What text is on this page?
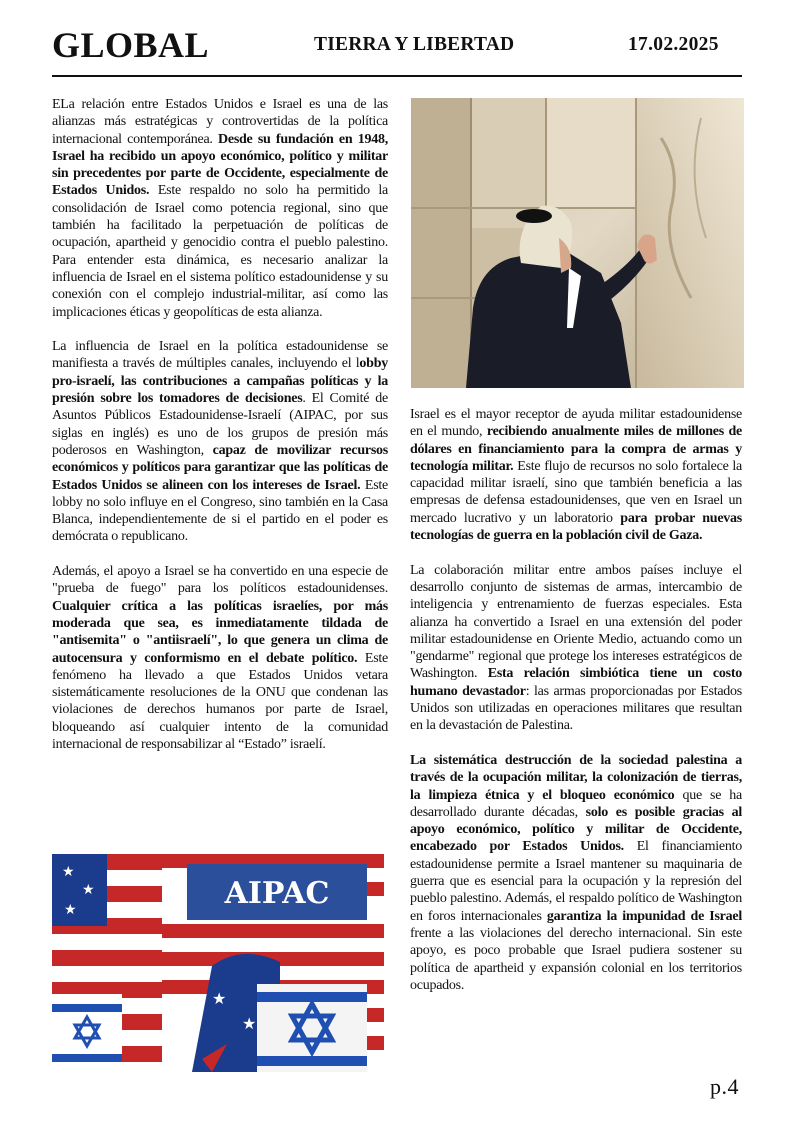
GLOBAL	TIERRA Y LIBERTAD	17.02.2025

ELa relación entre Estados Unidos e Israel es una de las alianzas más estratégicas y controvertidas de la política internacional contemporánea. Desde su fundación en 1948, Israel ha recibido un apoyo económico, político y militar sin precedentes por parte de Occidente, especialmente de Estados Unidos. Este respaldo no solo ha permitido la consolidación de Israel como potencia regional, sino que también ha facilitado la perpetuación de políticas de ocupación, apartheid y genocidio contra el pueblo palestino. Para entender esta dinámica, es necesario analizar la influencia de Israel en el sistema político estadounidense y su conexión con el complejo industrial-militar, así como las implicaciones éticas y geopolíticas de esta alianza.

La influencia de Israel en la política estadounidense se manifiesta a través de múltiples canales, incluyendo el lobby pro-israelí, las contribuciones a campañas políticas y la presión sobre los tomadores de decisiones. El Comité de Asuntos Públicos Estadounidense-Israelí (AIPAC, por sus siglas en inglés) es uno de los grupos de presión más poderosos en Washington, capaz de movilizar recursos económicos y políticos para garantizar que las políticas de Estados Unidos se alineen con los intereses de Israel. Este lobby no solo influye en el Congreso, sino también en la Casa Blanca, independientemente de si el partido en el poder es demócrata o republicano.

Además, el apoyo a Israel se ha convertido en una especie de "prueba de fuego" para los políticos estadounidenses. Cualquier crítica a las políticas israelíes, por más moderada que sea, es inmediatamente tildada de "antisemita" o "antiisraelí", lo que genera un clima de autocensura y conformismo en el debate político. Este fenómeno ha llevado a que Estados Unidos vetara sistemáticamente resoluciones de la ONU que condenan las violaciones de derechos humanos por parte de Israel, bloqueando así cualquier intento de la comunidad internacional de responsabilizar al “Estado” israelí.

Israel es el mayor receptor de ayuda militar estadounidense en el mundo, recibiendo anualmente miles de millones de dólares en financiamiento para la compra de armas y tecnología militar. Este flujo de recursos no solo fortalece la capacidad militar israelí, sino que también beneficia a las empresas de defensa estadounidenses, que ven en Israel un mercado lucrativo y un laboratorio para probar nuevas tecnologías de guerra en la población civil de Gaza.

La colaboración militar entre ambos países incluye el desarrollo conjunto de sistemas de armas, intercambio de inteligencia y entrenamiento de fuerzas especiales. Esta alianza ha convertido a Israel en una extensión del poder militar estadounidense en Oriente Medio, actuando como un "gendarme" regional que protege los intereses estratégicos de Washington. Esta relación simbiótica tiene un costo humano devastador: las armas proporcionadas por Estados Unidos son utilizadas en operaciones militares que resultan en la devastación de Palestina.

La sistemática destrucción de la sociedad palestina a través de la ocupación militar, la colonización de tierras, la limpieza étnica y el bloqueo económico que se ha desarrollado durante décadas, solo es posible gracias al apoyo económico, político y militar de Occidente, encabezado por Estados Unidos. El financiamiento estadounidense permite a Israel mantener su maquinaria de guerra que es esencial para la ocupación y la represión del pueblo palestino. Además, el respaldo político de Washington en foros internacionales garantiza la impunidad de Israel frente a las violaciones del derecho internacional. Sin este apoyo, es poco probable que Israel pudiera sostener su política de apartheid y expansión colonial en los territorios ocupados.

★
★
★	AIPAC
★
★
p.4
